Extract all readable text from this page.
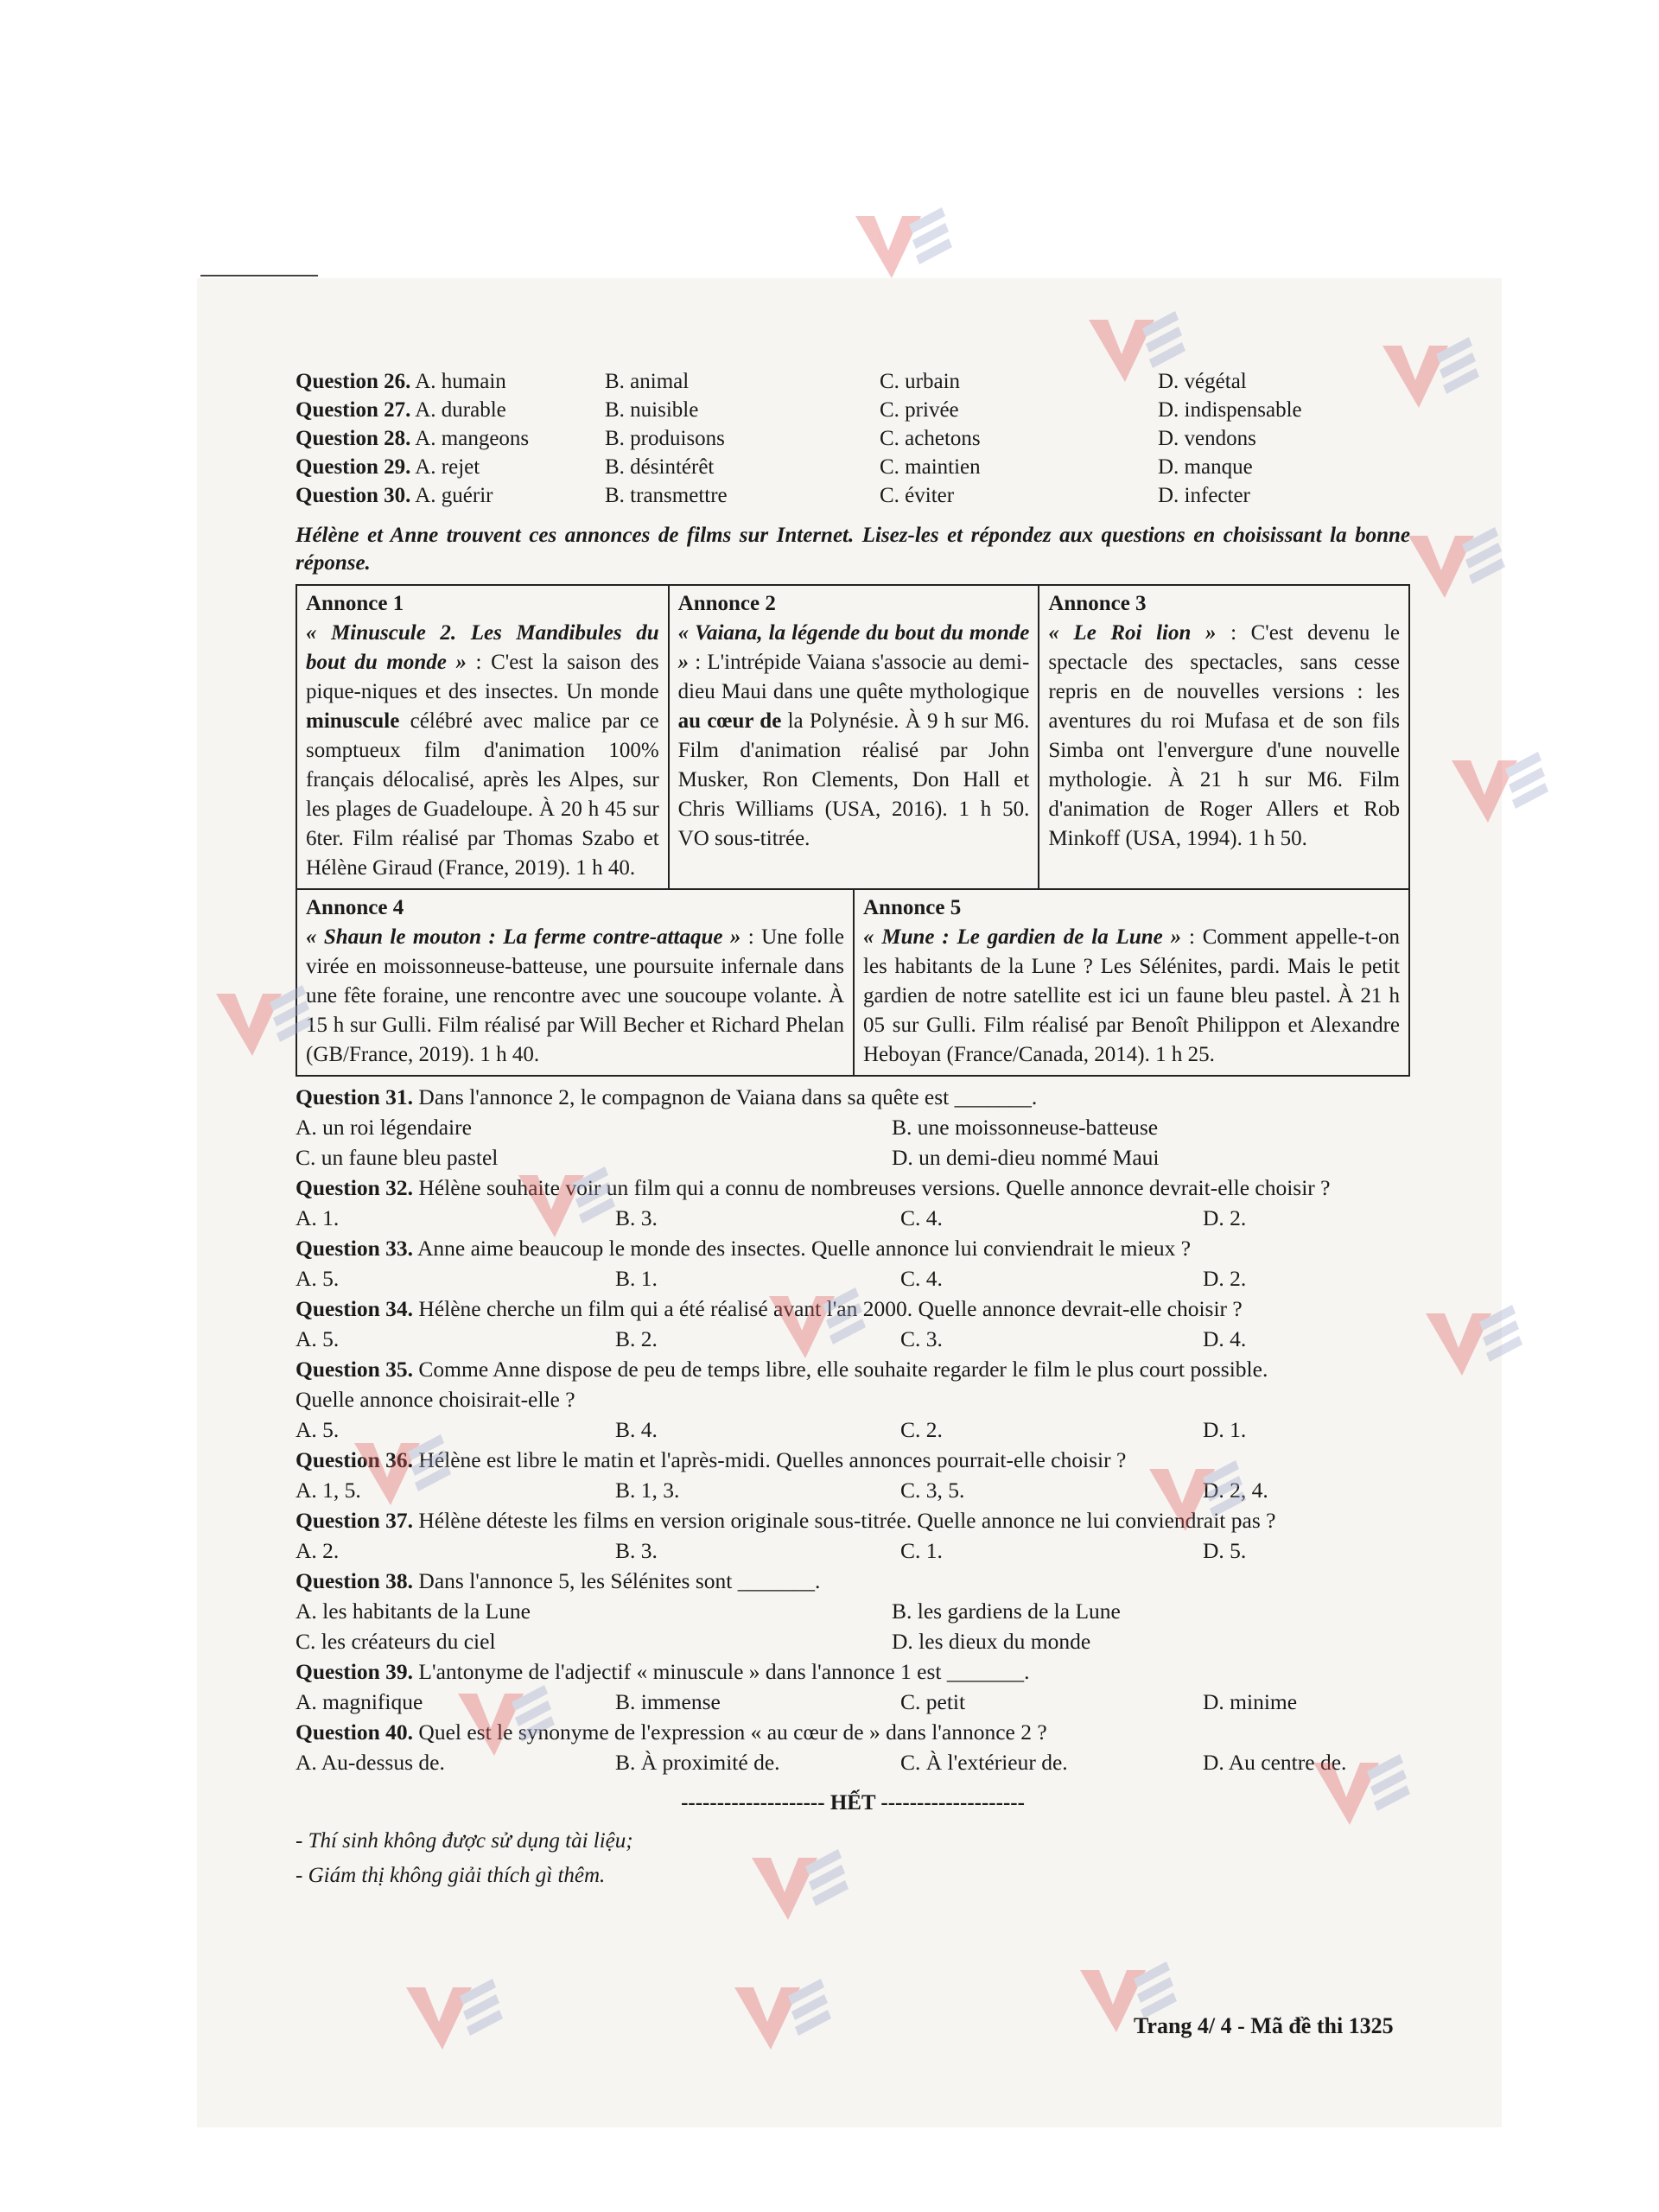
Question 26. A. humain	B. animal	C. urbain	D. végétal
Question 27. A. durable	B. nuisible	C. privée	D. indispensable
Question 28. A. mangeons	B. produisons	C. achetons	D. vendons
Question 29. A. rejet	B. désintérêt	C. maintien	D. manque
Question 30. A. guérir	B. transmettre	C. éviter	D. infecter
Hélène et Anne trouvent ces annonces de films sur Internet. Lisez-les et répondez aux questions en choisissant la bonne réponse.
Annonce 1
« Minuscule 2. Les Mandibules du bout du monde » : C'est la saison des pique-niques et des insectes. Un monde minuscule célébré avec malice par ce somptueux film d'animation 100% français délocalisé, après les Alpes, sur les plages de Guadeloupe. À 20 h 45 sur 6ter. Film réalisé par Thomas Szabo et Hélène Giraud (France, 2019). 1 h 40.
Annonce 2
« Vaiana, la légende du bout du monde » : L'intrépide Vaiana s'associe au demi-dieu Maui dans une quête mythologique au cœur de la Polynésie. À 9 h sur M6. Film d'animation réalisé par John Musker, Ron Clements, Don Hall et Chris Williams (USA, 2016). 1 h 50. VO sous-titrée.
Annonce 3
« Le Roi lion » : C'est devenu le spectacle des spectacles, sans cesse repris en de nouvelles versions : les aventures du roi Mufasa et de son fils Simba ont l'envergure d'une nouvelle mythologie. À 21 h sur M6. Film d'animation de Roger Allers et Rob Minkoff (USA, 1994). 1 h 50.
Annonce 4
« Shaun le mouton : La ferme contre-attaque » : Une folle virée en moissonneuse-batteuse, une poursuite infernale dans une fête foraine, une rencontre avec une soucoupe volante. À 15 h sur Gulli. Film réalisé par Will Becher et Richard Phelan (GB/France, 2019). 1 h 40.
Annonce 5
« Mune : Le gardien de la Lune » : Comment appelle-t-on les habitants de la Lune ? Les Sélénites, pardi. Mais le petit gardien de notre satellite est ici un faune bleu pastel. À 21 h 05 sur Gulli. Film réalisé par Benoît Philippon et Alexandre Heboyan (France/Canada, 2014). 1 h 25.
Question 31. Dans l'annonce 2, le compagnon de Vaiana dans sa quête est _______.
A. un roi légendaire	B. une moissonneuse-batteuse
C. un faune bleu pastel	D. un demi-dieu nommé Maui
Question 32. Hélène souhaite voir un film qui a connu de nombreuses versions. Quelle annonce devrait-elle choisir ?
A. 1.	B. 3.	C. 4.	D. 2.
Question 33. Anne aime beaucoup le monde des insectes. Quelle annonce lui conviendrait le mieux ?
A. 5.	B. 1.	C. 4.	D. 2.
Question 34. Hélène cherche un film qui a été réalisé avant l'an 2000. Quelle annonce devrait-elle choisir ?
A. 5.	B. 2.	C. 3.	D. 4.
Question 35. Comme Anne dispose de peu de temps libre, elle souhaite regarder le film le plus court possible.
Quelle annonce choisirait-elle ?
A. 5.	B. 4.	C. 2.	D. 1.
Question 36. Hélène est libre le matin et l'après-midi. Quelles annonces pourrait-elle choisir ?
A. 1, 5.	B. 1, 3.	C. 3, 5.	D. 2, 4.
Question 37. Hélène déteste les films en version originale sous-titrée. Quelle annonce ne lui conviendrait pas ?
A. 2.	B. 3.	C. 1.	D. 5.
Question 38. Dans l'annonce 5, les Sélénites sont _______.
A. les habitants de la Lune	B. les gardiens de la Lune
C. les créateurs du ciel	D. les dieux du monde
Question 39. L'antonyme de l'adjectif « minuscule » dans l'annonce 1 est _______.
A. magnifique	B. immense	C. petit	D. minime
Question 40. Quel est le synonyme de l'expression « au cœur de » dans l'annonce 2 ?
A. Au-dessus de.	B. À proximité de.	C. À l'extérieur de.	D. Au centre de.
-------------------- HẾT --------------------
- Thí sinh không được sử dụng tài liệu;
- Giám thị không giải thích gì thêm.
Trang 4/ 4 - Mã đề thi 1325
